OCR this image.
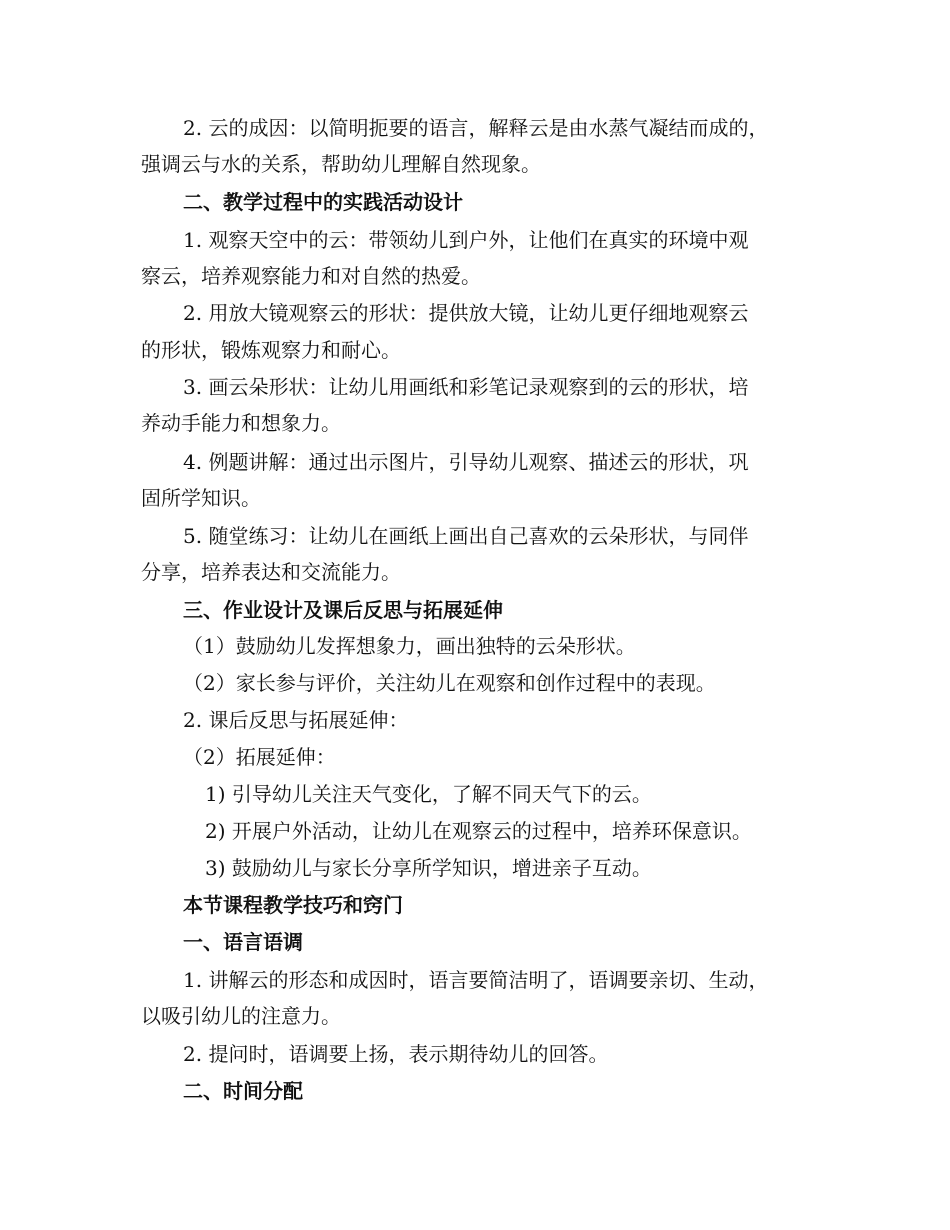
2. 云的成因：以简明扼要的语言，解释云是由水蒸气凝结而成的，
强调云与水的关系，帮助幼儿理解自然现象。
二、教学过程中的实践活动设计
1. 观察天空中的云：带领幼儿到户外，让他们在真实的环境中观
察云，培养观察能力和对自然的热爱。
2. 用放大镜观察云的形状：提供放大镜，让幼儿更仔细地观察云
的形状，锻炼观察力和耐心。
3. 画云朵形状：让幼儿用画纸和彩笔记录观察到的云的形状，培
养动手能力和想象力。
4. 例题讲解：通过出示图片，引导幼儿观察、描述云的形状，巩
固所学知识。
5. 随堂练习：让幼儿在画纸上画出自己喜欢的云朵形状，与同伴
分享，培养表达和交流能力。
三、作业设计及课后反思与拓展延伸
（1）鼓励幼儿发挥想象力，画出独特的云朵形状。
（2）家长参与评价，关注幼儿在观察和创作过程中的表现。
2. 课后反思与拓展延伸：
（2）拓展延伸：
1) 引导幼儿关注天气变化，了解不同天气下的云。
2) 开展户外活动，让幼儿在观察云的过程中，培养环保意识。
3) 鼓励幼儿与家长分享所学知识，增进亲子互动。
本节课程教学技巧和窍门
一、语言语调
1. 讲解云的形态和成因时，语言要简洁明了，语调要亲切、生动，
以吸引幼儿的注意力。
2. 提问时，语调要上扬，表示期待幼儿的回答。
二、时间分配
